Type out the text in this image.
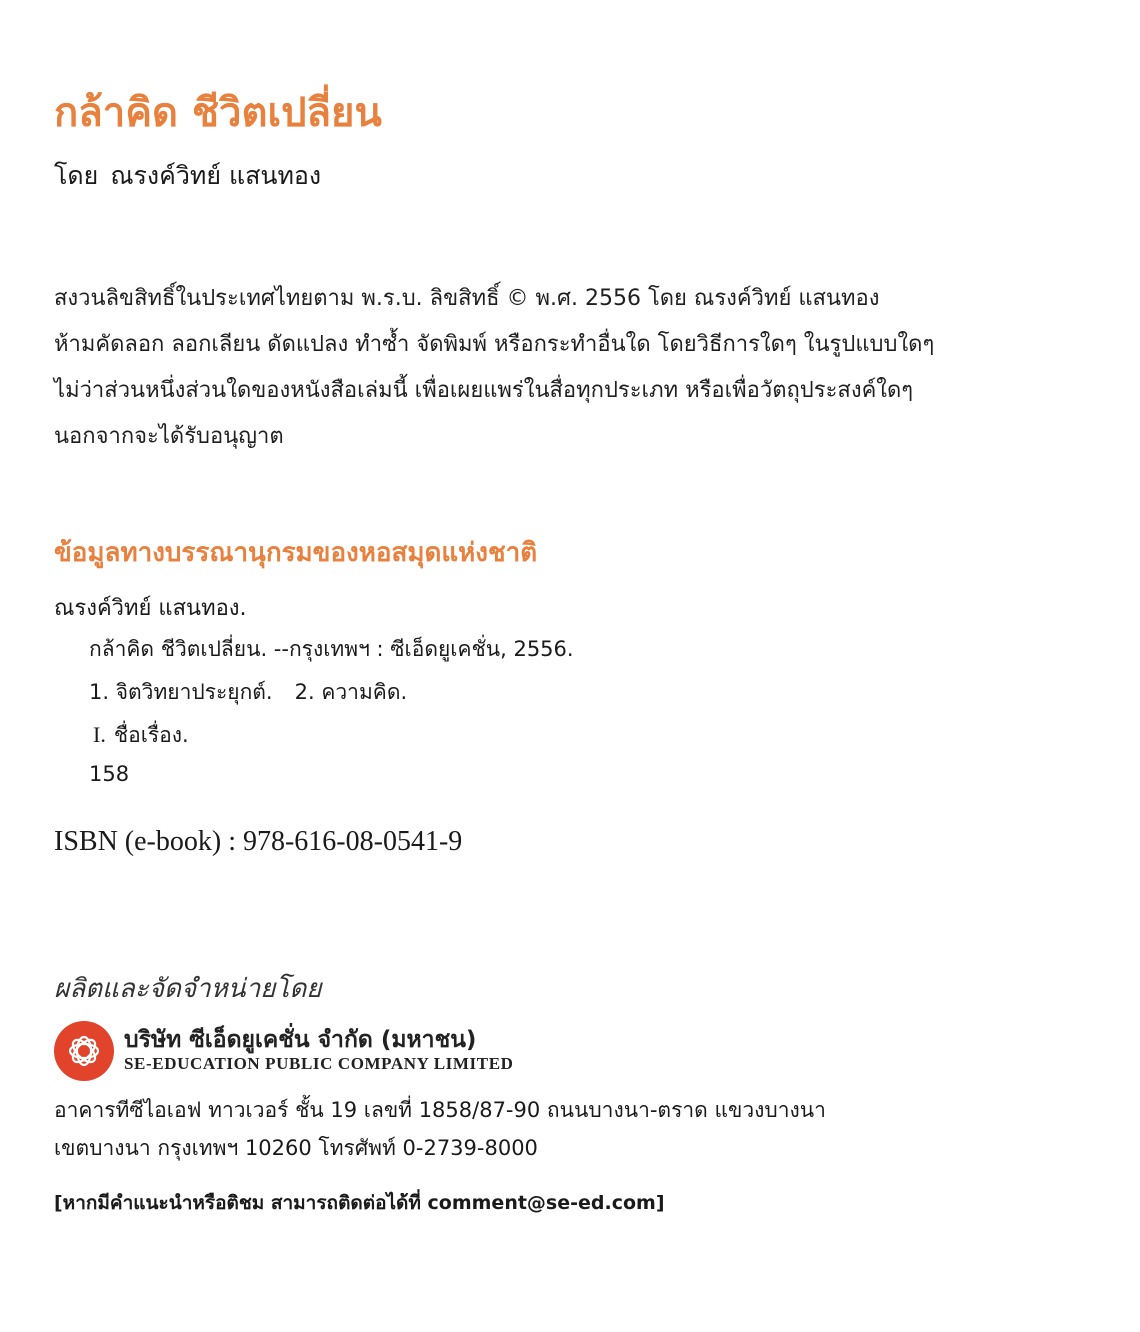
กล้าคิด ชีวิตเปลี่ยน
โดย ณรงค์วิทย์ แสนทอง
สงวนลิขสิทธิ์ในประเทศไทยตาม พ.ร.บ. ลิขสิทธิ์ © พ.ศ. 2556 โดย ณรงค์วิทย์ แสนทอง
ห้ามคัดลอก ลอกเลียน ดัดแปลง ทำซ้ำ จัดพิมพ์ หรือกระทำอื่นใด โดยวิธีการใดๆ ในรูปแบบใดๆ
ไม่ว่าส่วนหนึ่งส่วนใดของหนังสือเล่มนี้ เพื่อเผยแพร่ในสื่อทุกประเภท หรือเพื่อวัตถุประสงค์ใดๆ
นอกจากจะได้รับอนุญาต
ข้อมูลทางบรรณานุกรมของหอสมุดแห่งชาติ
ณรงค์วิทย์ แสนทอง.
กล้าคิด ชีวิตเปลี่ยน. --กรุงเทพฯ : ซีเอ็ดยูเคชั่น, 2556.
1. จิตวิทยาประยุกต์. 2. ความคิด.
I. ชื่อเรื่อง.
158
ISBN (e-book) : 978-616-08-0541-9
ผลิตและจัดจำหน่ายโดย
บริษัท ซีเอ็ดยูเคชั่น จำกัด (มหาชน)
SE-EDUCATION PUBLIC COMPANY LIMITED
อาคารทีซีไอเอฟ ทาวเวอร์ ชั้น 19 เลขที่ 1858/87-90 ถนนบางนา-ตราด แขวงบางนา
เขตบางนา กรุงเทพฯ 10260 โทรศัพท์ 0-2739-8000
[หากมีคำแนะนำหรือติชม สามารถติดต่อได้ที่ comment@se-ed.com]
